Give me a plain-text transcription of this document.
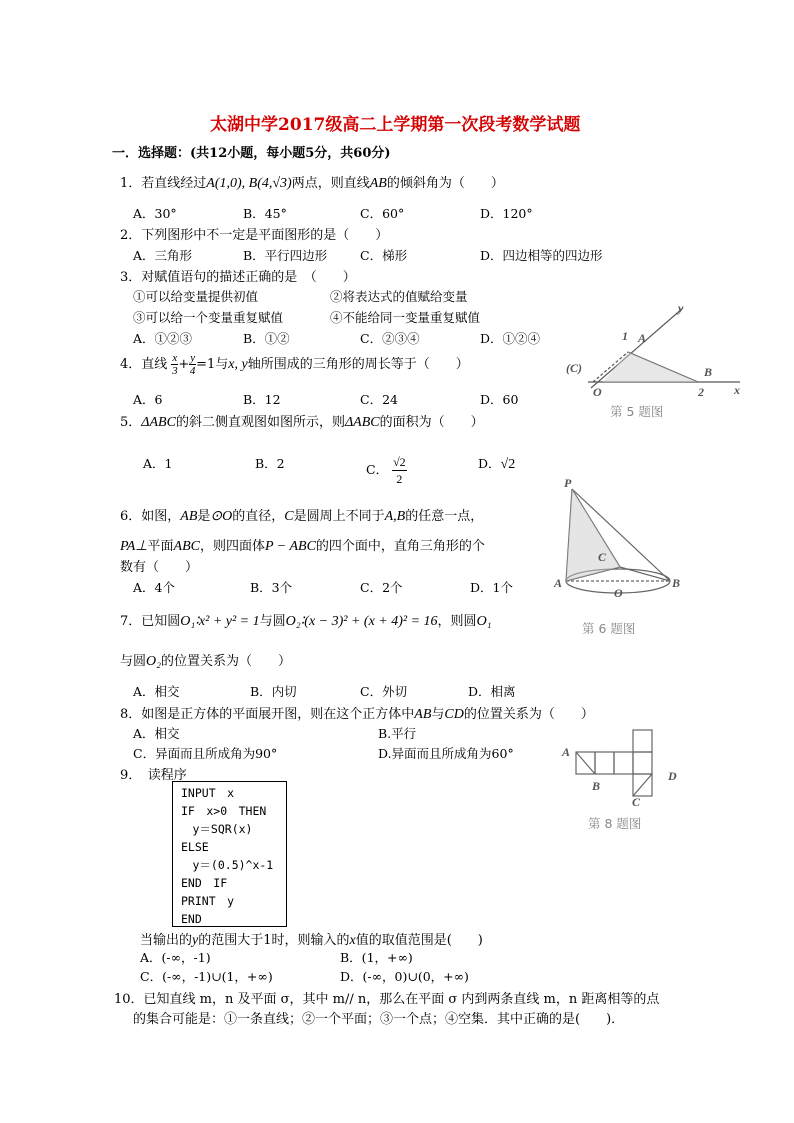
太湖中学2017级高二上学期第一次段考数学试题
一．选择题：(共12小题，每小题5分，共60分)
1．若直线经过A(1,0), B(4,√3)两点，则直线AB的倾斜角为（　　）
A．30°	B．45°	C．60°	D．120°
2．下列图形中不一定是平面图形的是（　　）
A．三角形	B．平行四边形	C．梯形	D．四边相等的四边形
3．对赋值语句的描述正确的是　（　　）
①可以给变量提供初值	②将表达式的值赋给变量
③可以给一个变量重复赋值	④不能给同一变量重复赋值
A．①②③	B．①②	C．②③④	D．①②④
4．直线 $\frac{x}{3} + \frac{y}{4} =1$与x, y轴所围成的三角形的周长等于（　　）
A．6	B．12	C．24	D．60
5．ΔABC的斜二侧直观图如图所示，则ΔABC的面积为（　　）
A．1	B．2	C． $\frac{√2}{2}$	D．√2
6．如图，AB是⊙O的直径，C是圆周上不同于A,B的任意一点，
PA⊥平面ABC，则四面体P − ABC的四个面中，直角三角形的个
数有（　　）
A．4个	B．3个	C．2个	D．1个
7．已知圆O₁∶x² + y² = 1与圆O₂∶(x − 3)² + (x + 4)² = 16，则圆O₁
与圆O₂的位置关系为（　　）
A．相交	B．内切	C．外切	D．相离
8．如图是正方体的平面展开图，则在这个正方体中AB与CD的位置关系为（　　）
A．相交	B.平行
C．异面而且所成角为90°	D.异面而且所成角为60°
9．　读程序
INPUT　x
IF　x>0　THEN
　y＝SQR(x)
ELSE
　y＝(0.5)^x-1
END　IF
PRINT　y
END
当输出的y的范围大于1时，则输入的x值的取值范围是(　　)
A．(-∞，-1)	B．(1，+∞)
C．(-∞，-1)∪(1，+∞)	D．(-∞，0)∪(0，+∞)
10．已知直线 m，n 及平面 σ，其中 m// n，那么在平面 σ 内到两条直线 m，n 距离相等的点
的集合可能是：①一条直线；②一个平面；③一个点；④空集．其中正确的是(　　)．
y
1 A
(C)
O
B
2	x
第 5 题图
P
C
A
O
B
第 6 题图
A
B
C
D
第 8 题图
